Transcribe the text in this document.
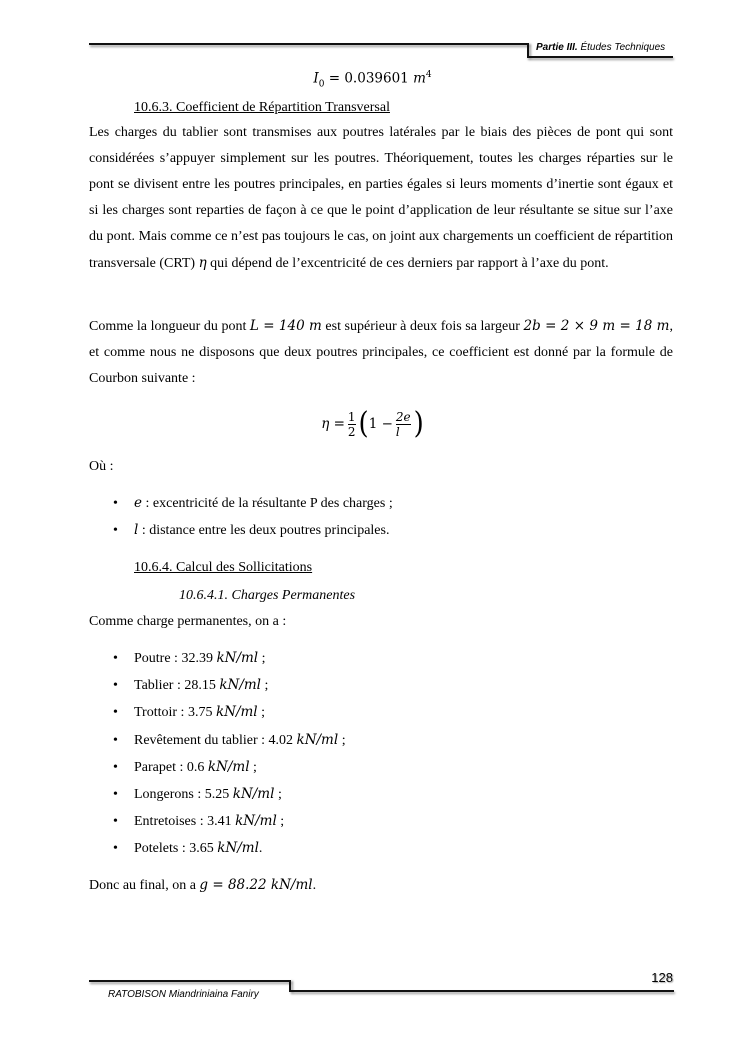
Partie III. Études Techniques
$I_0 = 0.039601$ $m^4$
10.6.3. Coefficient de Répartition Transversal
Les charges du tablier sont transmises aux poutres latérales par le biais des pièces de pont qui sont considérées s’appuyer simplement sur les poutres. Théoriquement, toutes les charges réparties sur le pont se divisent entre les poutres principales, en parties égales si leurs moments d’inertie sont égaux et si les charges sont reparties de façon à ce que le point d’application de leur résultante se situe sur l’axe du pont. Mais comme ce n’est pas toujours le cas, on joint aux chargements un coefficient de répartition transversale (CRT) η qui dépend de l’excentricité de ces derniers par rapport à l’axe du pont.
Comme la longueur du pont L = 140 m est supérieur à deux fois sa largeur 2b = 2 × 9 m = 18 m, et comme nous ne disposons que deux poutres principales, ce coefficient est donné par la formule de Courbon suivante :
$\eta = \frac{1}{2}$ ( $1 - \frac{2e}{l}$ )
Où :
• e : excentricité de la résultante P des charges ;
• l : distance entre les deux poutres principales.
10.6.4. Calcul des Sollicitations
10.6.4.1. Charges Permanentes
Comme charge permanentes, on a :
• Poutre : 32.39 kN/ml ;
• Tablier : 28.15 kN/ml ;
• Trottoir : 3.75 kN/ml ;
• Revêtement du tablier : 4.02 kN/ml ;
• Parapet : 0.6 kN/ml ;
• Longerons : 5.25 kN/ml ;
• Entretoises : 3.41 kN/ml ;
• Potelets : 3.65 kN/ml.
Donc au final, on a g = 88.22 kN/ml.
128
RATOBISON Miandriniaina Faniry
